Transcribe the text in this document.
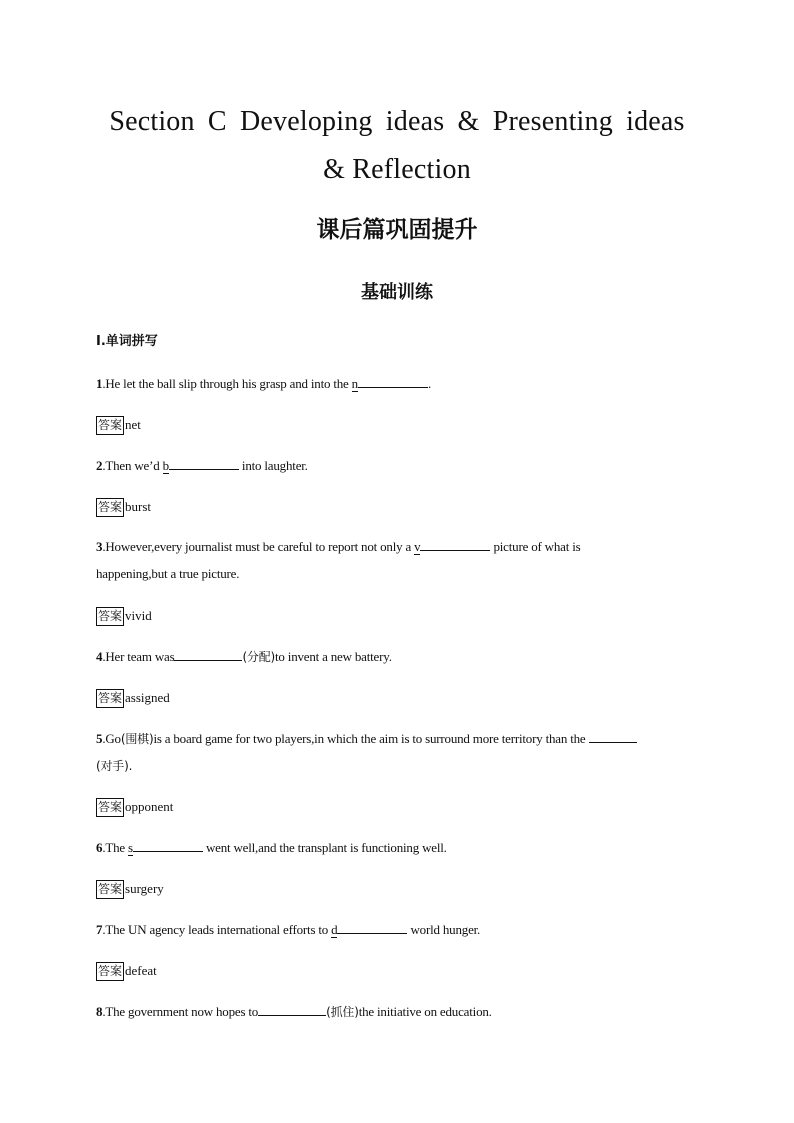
Section C Developing ideas & Presenting ideas
& Reflection
课后篇巩固提升
基础训练
Ⅰ.单词拼写
1.He let the ball slip through his grasp and into the n	.
答案 net
2.Then we’d b	into laughter.
答案 burst
3.However,every journalist must be careful to report not only a v	picture of what is
happening,but a true picture.
答案 vivid
4.Her team was	(分配)to invent a new battery.
答案 assigned
5.Go(围棋)is a board game for two players,in which the aim is to surround more territory than the
(对手).
答案 opponent
6.The s	went well,and the transplant is functioning well.
答案 surgery
7.The UN agency leads international efforts to d	world hunger.
答案 defeat
8.The government now hopes to	(抓住)the initiative on education.
